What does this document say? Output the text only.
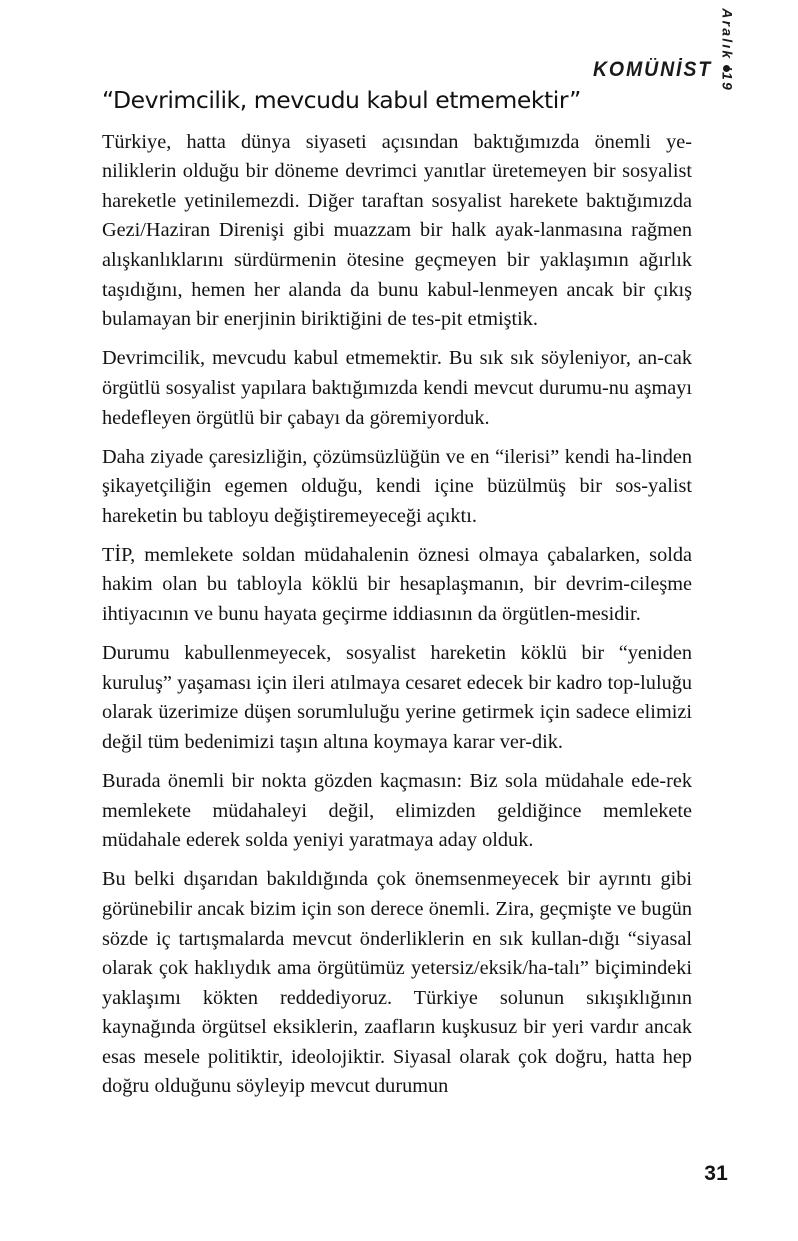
KOMÜNİST Aralık '19
“Devrimcilik, mevcudu kabul etmemektir”

Türkiye, hatta dünya siyaseti açısından baktığımızda önemli ye-niliklerin olduğu bir döneme devrimci yanıtlar üretemeyen bir sosyalist hareketle yetinilemezdi. Diğer taraftan sosyalist harekete baktığımızda Gezi/Haziran Direnişi gibi muazzam bir halk ayak-lanmasına rağmen alışkanlıklarını sürdürmenin ötesine geçmeyen bir yaklaşımın ağırlık taşıdığını, hemen her alanda da bunu kabul-lenmeyen ancak bir çıkış bulamayan bir enerjinin biriktiğini de tes-pit etmiştik.

Devrimcilik, mevcudu kabul etmemektir. Bu sık sık söyleniyor, an-cak örgütlü sosyalist yapılara baktığımızda kendi mevcut durumu-nu aşmayı hedefleyen örgütlü bir çabayı da göremiyorduk.

Daha ziyade çaresizliğin, çözümsüzlüğün ve en “ilerisi” kendi ha-linden şikayetçiliğin egemen olduğu, kendi içine büzülmüş bir sos-yalist hareketin bu tabloyu değiştiremeyeceği açıktı.

TİP, memlekete soldan müdahalenin öznesi olmaya çabalarken, solda hakim olan bu tabloyla köklü bir hesaplaşmanın, bir devrim-cileşme ihtiyacının ve bunu hayata geçirme iddiasının da örgütlen-mesidir.

Durumu kabullenmeyecek, sosyalist hareketin köklü bir “yeniden kuruluş” yaşaması için ileri atılmaya cesaret edecek bir kadro top-luluğu olarak üzerimize düşen sorumluluğu yerine getirmek için sadece elimizi değil tüm bedenimizi taşın altına koymaya karar ver-dik.

Burada önemli bir nokta gözden kaçmasın: Biz sola müdahale ede-rek memlekete müdahaleyi değil, elimizden geldiğince memlekete müdahale ederek solda yeniyi yaratmaya aday olduk.

Bu belki dışarıdan bakıldığında çok önemsenmeyecek bir ayrıntı gibi görünebilir ancak bizim için son derece önemli. Zira, geçmişte ve bugün sözde iç tartışmalarda mevcut önderliklerin en sık kullan-dığı “siyasal olarak çok haklıydık ama örgütümüz yetersiz/eksik/ha-talı” biçimindeki yaklaşımı kökten reddediyoruz. Türkiye solunun sıkışıklığının kaynağında örgütsel eksiklerin, zaafların kuşkusuz bir yeri vardır ancak esas mesele politiktir, ideolojiktir. Siyasal olarak çok doğru, hatta hep doğru olduğunu söyleyip mevcut durumun

31
